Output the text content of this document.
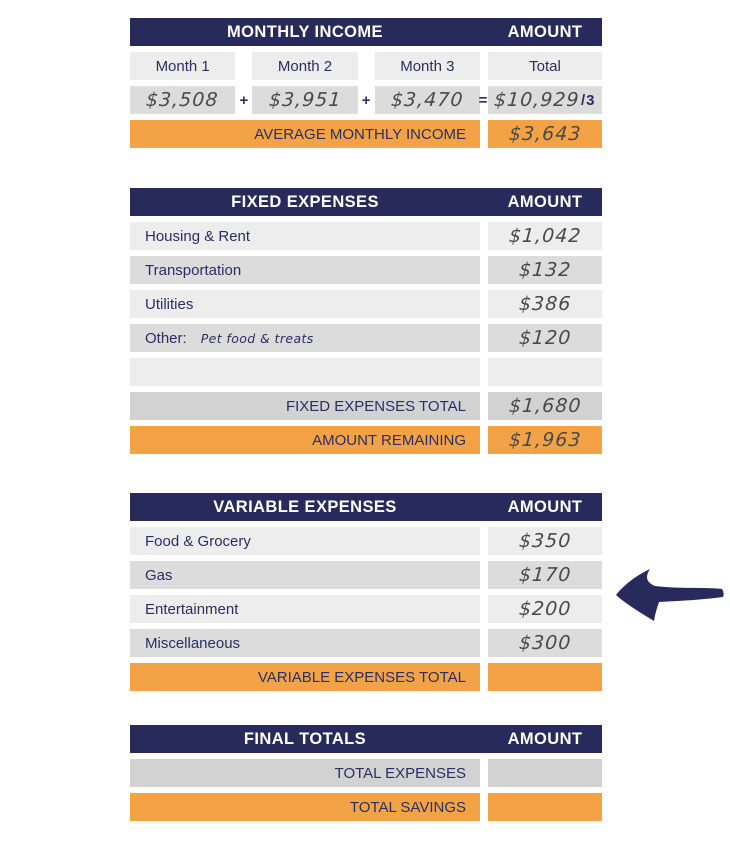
MONTHLY INCOME	AMOUNT
Month 1	Month 2	Month 3	Total
$3,508 + $3,951 + $3,470 = $10,929 /3
AVERAGE MONTHLY INCOME	$3,643
FIXED EXPENSES	AMOUNT
Housing & Rent	$1,042
Transportation	$132
Utilities	$386
Other: Pet food & treats	$120
FIXED EXPENSES TOTAL	$1,680
AMOUNT REMAINING	$1,963
VARIABLE EXPENSES	AMOUNT
Food & Grocery	$350
Gas	$170
Entertainment	$200
Miscellaneous	$300
VARIABLE EXPENSES TOTAL
FINAL TOTALS	AMOUNT
TOTAL EXPENSES
TOTAL SAVINGS
